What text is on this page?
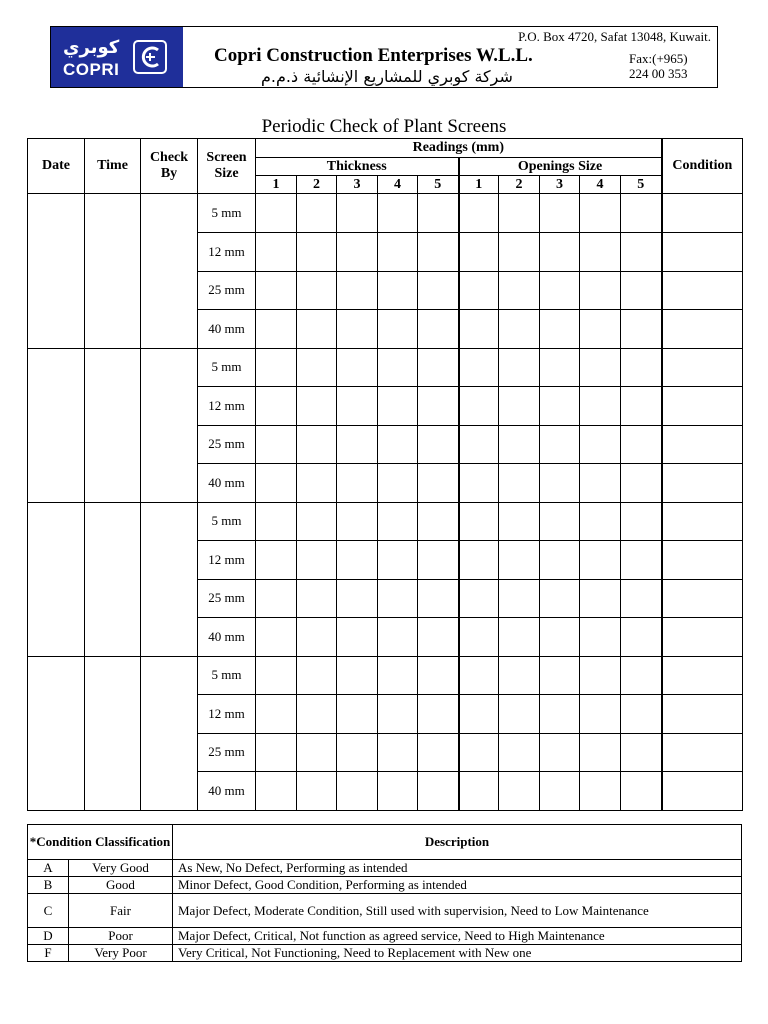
كوبري
COPRI
P.O. Box 4720, Safat 13048, Kuwait.
Copri Construction Enterprises W.L.L.
شركة كوبري للمشاريع الإنشائية ذ.م.م
Fax:(+965)
224 00 353
Periodic Check of Plant Screens
Date	Time	Check By	Screen Size	Readings (mm)										Condition
				Thickness					Openings Size					
				1	2	3	4	5	1	2	3	4	5	
			5 mm											
			12 mm											
			25 mm											
			40 mm											
			5 mm											
			12 mm											
			25 mm											
			40 mm											
			5 mm											
			12 mm											
			25 mm											
			40 mm											
			5 mm											
			12 mm											
			25 mm											
			40 mm											
*Condition Classification		Description
A	Very Good	As New, No Defect, Performing as intended
B	Good	Minor Defect, Good Condition, Performing as intended
C	Fair	Major Defect, Moderate Condition, Still used with supervision, Need to Low Maintenance
D	Poor	Major Defect, Critical, Not function as agreed service, Need to High Maintenance
F	Very Poor	Very Critical, Not Functioning, Need to Replacement with New one
